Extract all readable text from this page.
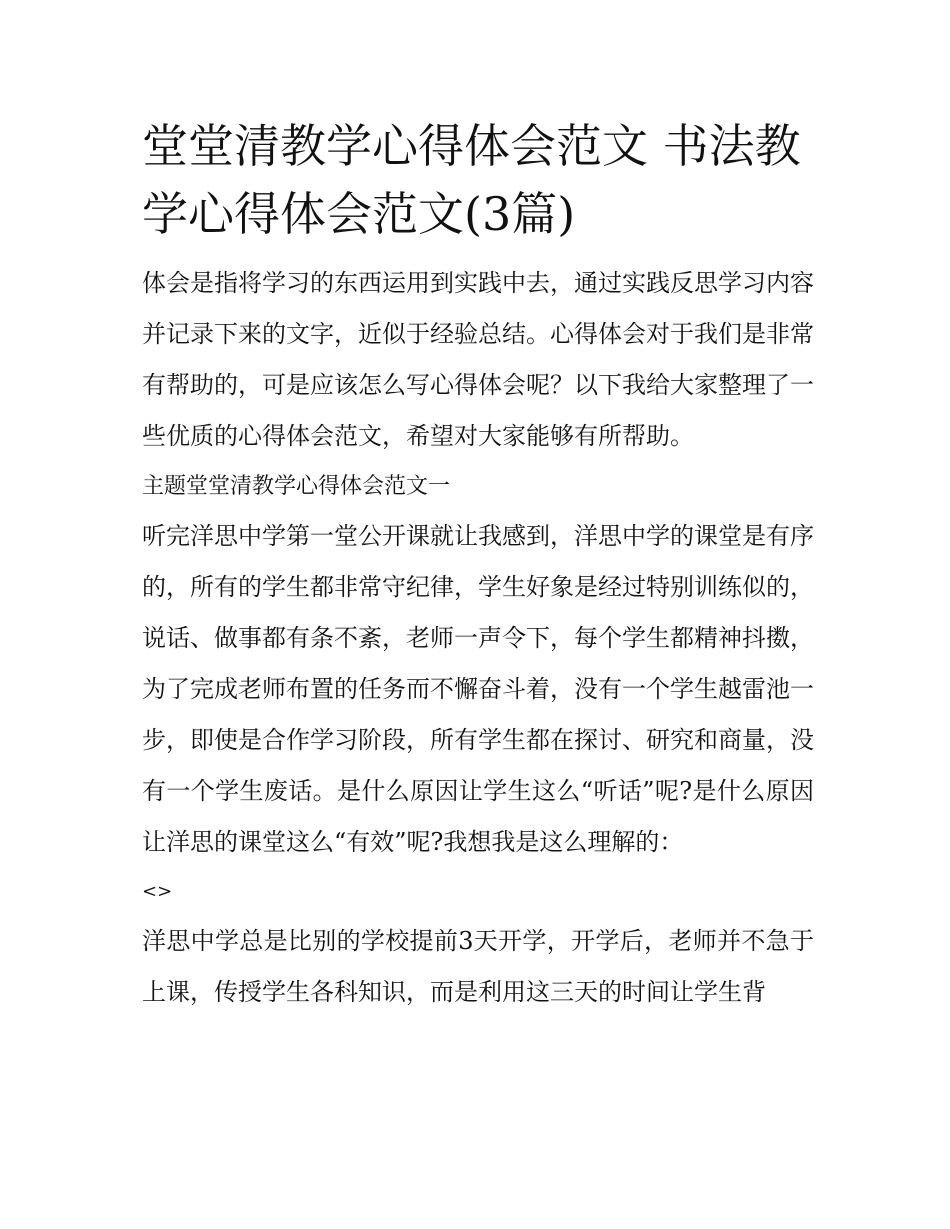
堂堂清教学心得体会范文 书法教学心得体会范文(3篇)

体会是指将学习的东西运用到实践中去，通过实践反思学习内容并记录下来的文字，近似于经验总结。心得体会对于我们是非常有帮助的，可是应该怎么写心得体会呢？以下我给大家整理了一些优质的心得体会范文，希望对大家能够有所帮助。

主题堂堂清教学心得体会范文一

听完洋思中学第一堂公开课就让我感到，洋思中学的课堂是有序的，所有的学生都非常守纪律，学生好象是经过特别训练似的，说话、做事都有条不紊，老师一声令下，每个学生都精神抖擞，为了完成老师布置的任务而不懈奋斗着，没有一个学生越雷池一步，即使是合作学习阶段，所有学生都在探讨、研究和商量，没有一个学生废话。是什么原因让学生这么“听话”呢?是什么原因让洋思的课堂这么“有效”呢?我想我是这么理解的：

<>

洋思中学总是比别的学校提前3天开学，开学后，老师并不急于上课，传授学生各科知识，而是利用这三天的时间让学生背
